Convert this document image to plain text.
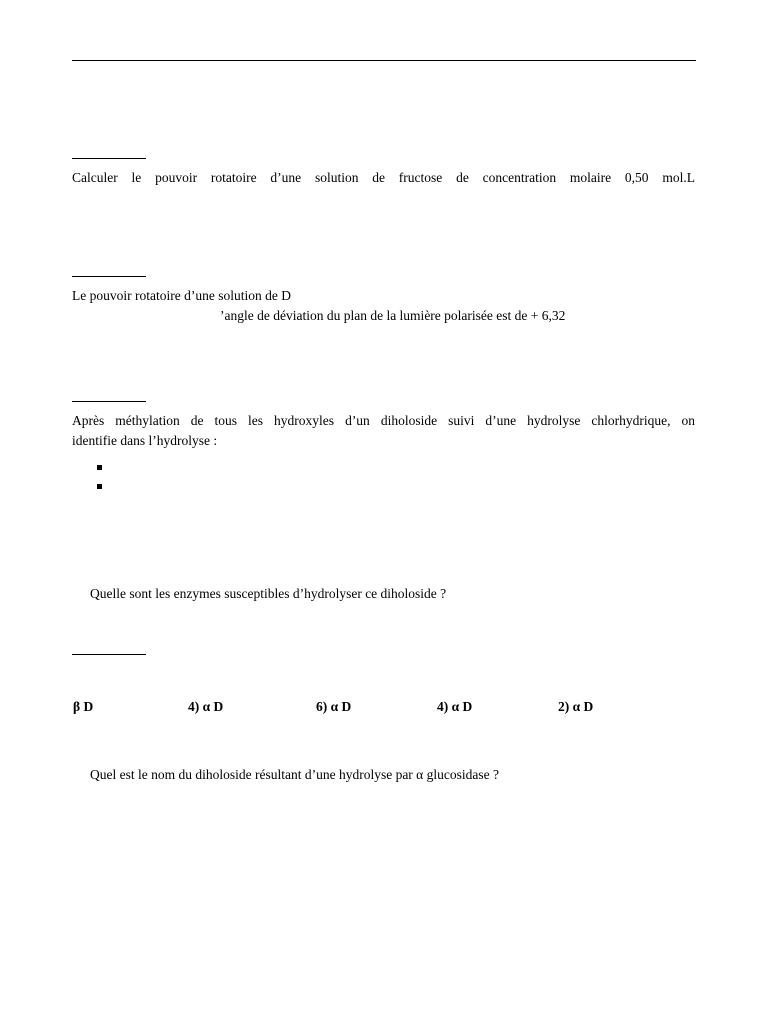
Calculer le pouvoir rotatoire d’une solution de fructose de concentration molaire 0,50 mol.L
Le pouvoir rotatoire d’une solution de D
’angle de déviation du plan de la lumière polarisée est de + 6,32
Après méthylation de tous les hydroxyles d’un diholoside suivi d’une hydrolyse chlorhydrique, on
identifie dans l’hydrolyse :
Quelle sont les enzymes susceptibles d’hydrolyser ce diholoside ?
β D	4) α D	6) α D	4) α D	2) α D
Quel est le nom du diholoside résultant d’une hydrolyse par α glucosidase ?
